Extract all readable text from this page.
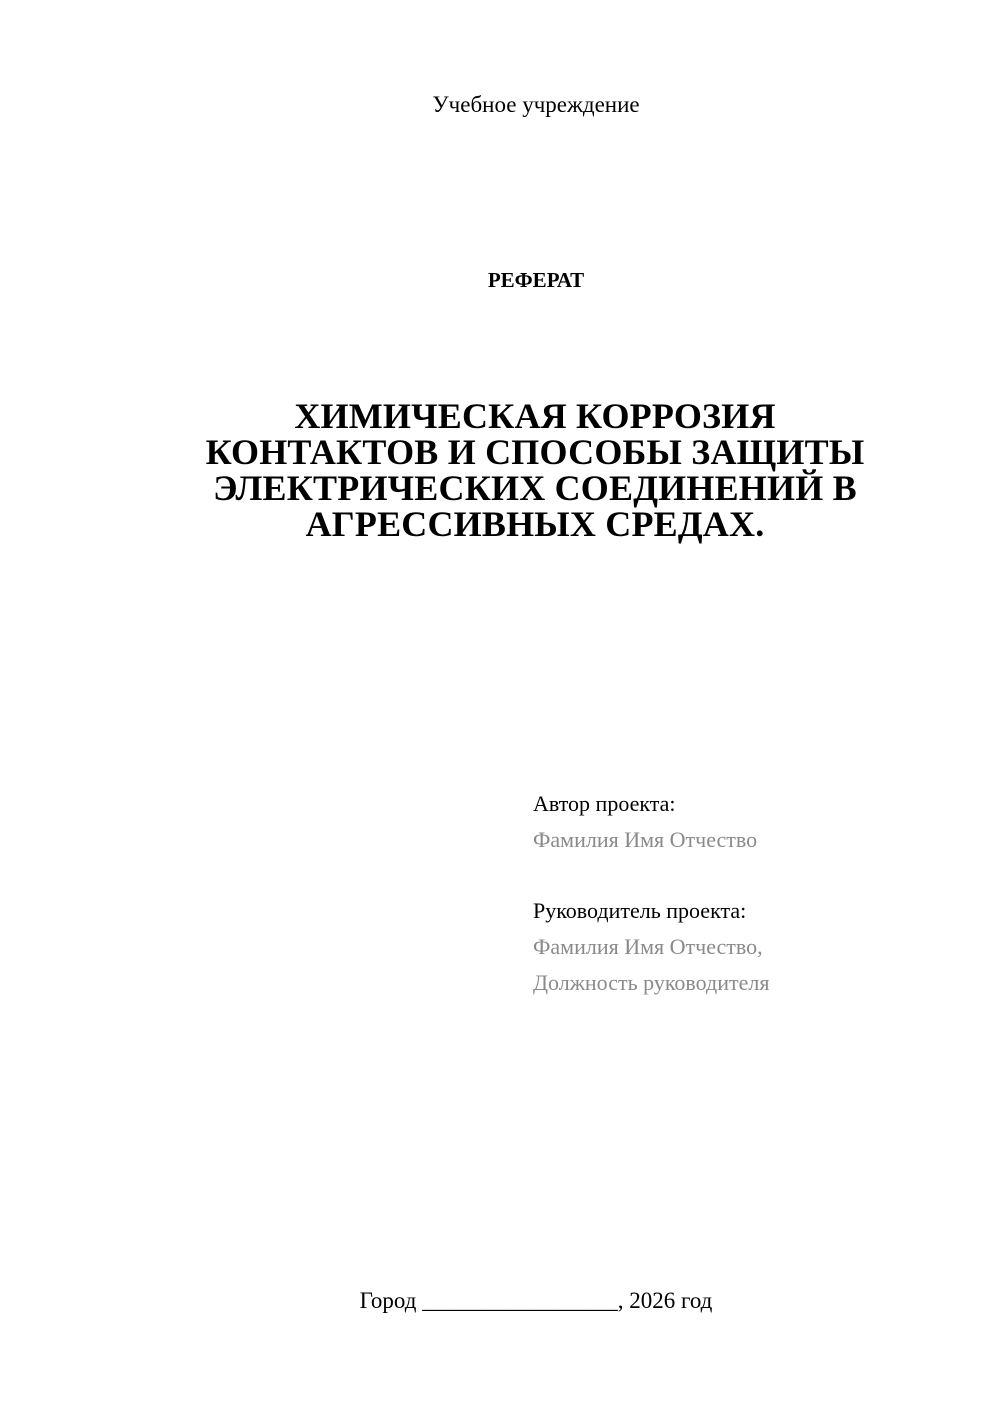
Учебное учреждение
РЕФЕРАТ
ХИМИЧЕСКАЯ КОРРОЗИЯ
КОНТАКТОВ И СПОСОБЫ ЗАЩИТЫ
ЭЛЕКТРИЧЕСКИХ СОЕДИНЕНИЙ В
АГРЕССИВНЫХ СРЕДАХ.
Автор проекта:
Фамилия Имя Отчество
Руководитель проекта:
Фамилия Имя Отчество,
Должность руководителя
Город _________________, 2026 год
